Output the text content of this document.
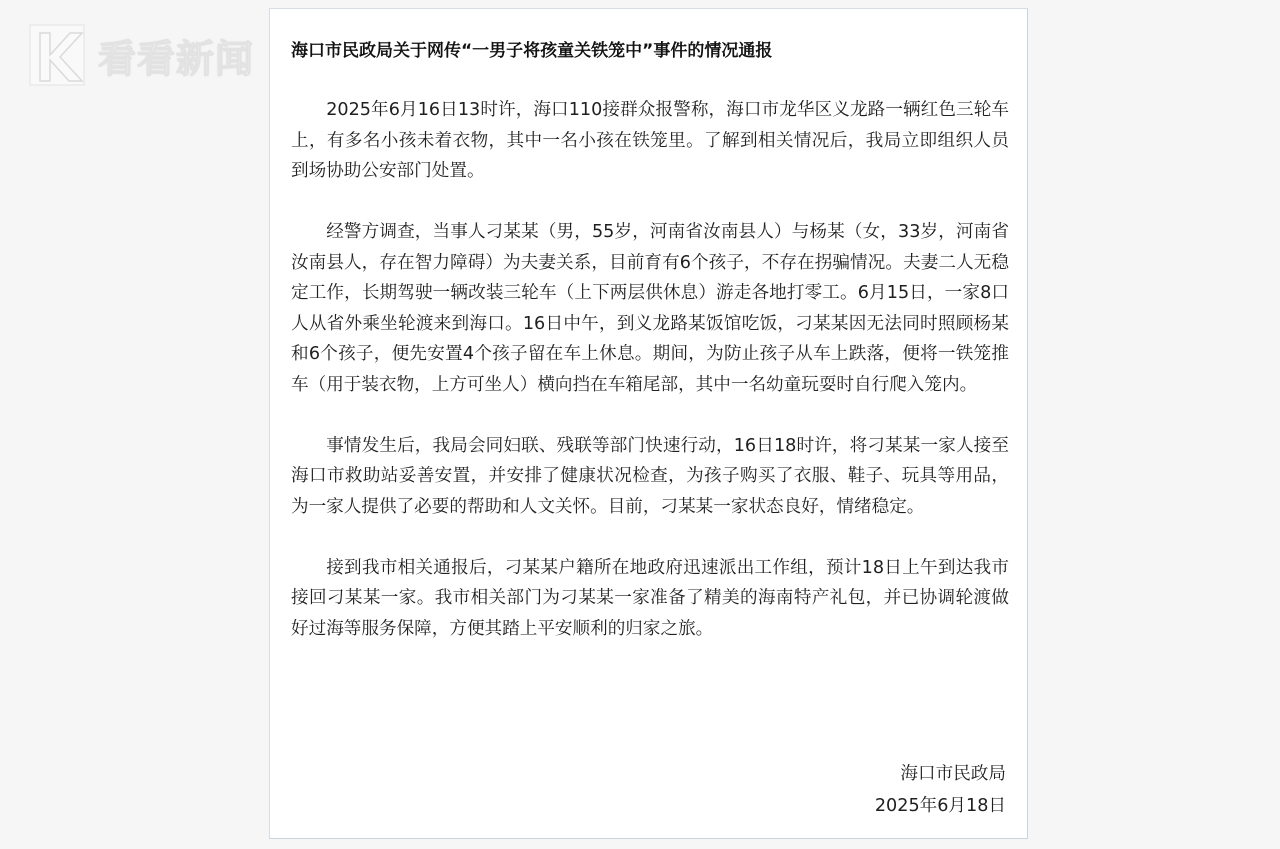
看看新闻 海口市民政局关于网传“一男子将孩童关铁笼中”事件的情况通报

2025年6月16日13时许，海口110接群众报警称，海口市龙华区义龙路一辆红色三轮车上，有多名小孩未着衣物，其中一名小孩在铁笼里。了解到相关情况后，我局立即组织人员到场协助公安部门处置。

经警方调查，当事人刁某某（男，55岁，河南省汝南县人）与杨某（女，33岁，河南省汝南县人，存在智力障碍）为夫妻关系，目前育有6个孩子，不存在拐骗情况。夫妻二人无稳定工作，长期驾驶一辆改装三轮车（上下两层供休息）游走各地打零工。6月15日，一家8口人从省外乘坐轮渡来到海口。16日中午，到义龙路某饭馆吃饭，刁某某因无法同时照顾杨某和6个孩子，便先安置4个孩子留在车上休息。期间，为防止孩子从车上跌落，便将一铁笼推车（用于装衣物，上方可坐人）横向挡在车箱尾部，其中一名幼童玩耍时自行爬入笼内。

事情发生后，我局会同妇联、残联等部门快速行动，16日18时许，将刁某某一家人接至海口市救助站妥善安置，并安排了健康状况检查，为孩子购买了衣服、鞋子、玩具等用品，为一家人提供了必要的帮助和人文关怀。目前，刁某某一家状态良好，情绪稳定。

接到我市相关通报后，刁某某户籍所在地政府迅速派出工作组，预计18日上午到达我市接回刁某某一家。我市相关部门为刁某某一家准备了精美的海南特产礼包，并已协调轮渡做好过海等服务保障，方便其踏上平安顺利的归家之旅。

海口市民政局
2025年6月18日
